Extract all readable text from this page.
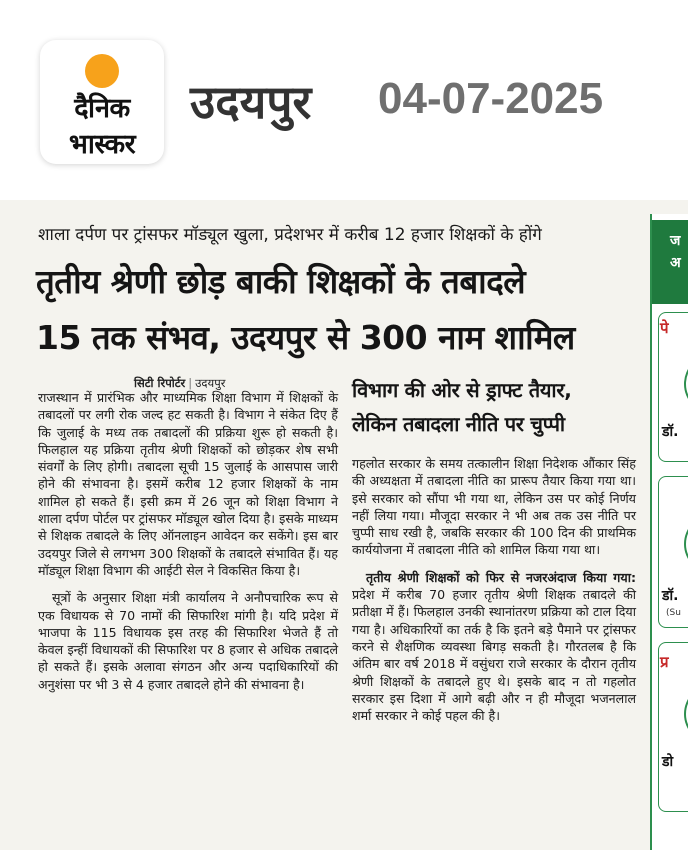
दैनिक
भास्कर
उदयपुर 04-07-2025
ज
अ
पे
डॉ.
डॉ.
(Su
प्र
डो
शाला दर्पण पर ट्रांसफर मॉड्यूल खुला, प्रदेशभर में करीब 12 हजार शिक्षकों के होंगे
तृतीय श्रेणी छोड़ बाकी शिक्षकों के तबादले
15 तक संभव, उदयपुर से 300 नाम शामिल
सिटी रिपोर्टर | उदयपुर	विभाग की ओर से ड्राफ्ट तैयार,
लेकिन तबादला नीति पर चुप्पी

राजस्थान में प्रारंभिक और माध्यमिक शिक्षा विभाग में शिक्षकों के तबादलों पर लगी रोक जल्द हट सकती है। विभाग ने संकेत दिए हैं कि जुलाई के मध्य तक तबादलों की प्रक्रिया शुरू हो सकती है। फिलहाल यह प्रक्रिया तृतीय श्रेणी शिक्षकों को छोड़कर शेष सभी संवर्गों के लिए होगी। तबादला सूची 15 जुलाई के आसपास जारी होने की संभावना है। इसमें करीब 12 हजार शिक्षकों के नाम शामिल हो सकते हैं। इसी क्रम में 26 जून को शिक्षा विभाग ने शाला दर्पण पोर्टल पर ट्रांसफर मॉड्यूल खोल दिया है। इसके माध्यम से शिक्षक तबादले के लिए ऑनलाइन आवेदन कर सकेंगे। इस बार उदयपुर जिले से लगभग 300 शिक्षकों के तबादले संभावित हैं। यह मॉड्यूल शिक्षा विभाग की आईटी सेल ने विकसित किया है।

सूत्रों के अनुसार शिक्षा मंत्री कार्यालय ने अनौपचारिक रूप से एक विधायक से 70 नामों की सिफारिश मांगी है। यदि प्रदेश में भाजपा के 115 विधायक इस तरह की सिफारिश भेजते हैं तो केवल इन्हीं विधायकों की सिफारिश पर 8 हजार से अधिक तबादले हो सकते हैं। इसके अलावा संगठन और अन्य पदाधिकारियों की अनुशंसा पर भी 3 से 4 हजार तबादले होने की संभावना है।

गहलोत सरकार के समय तत्कालीन शिक्षा निदेशक औंकार सिंह की अध्यक्षता में तबादला नीति का प्रारूप तैयार किया गया था। इसे सरकार को सौंपा भी गया था, लेकिन उस पर कोई निर्णय नहीं लिया गया। मौजूदा सरकार ने भी अब तक उस नीति पर चुप्पी साध रखी है, जबकि सरकार की 100 दिन की प्राथमिक कार्ययोजना में तबादला नीति को शामिल किया गया था।

तृतीय श्रेणी शिक्षकों को फिर से नजरअंदाज किया गया: प्रदेश में करीब 70 हजार तृतीय श्रेणी शिक्षक तबादले की प्रतीक्षा में हैं। फिलहाल उनकी स्थानांतरण प्रक्रिया को टाल दिया गया है। अधिकारियों का तर्क है कि इतने बड़े पैमाने पर ट्रांसफर करने से शैक्षणिक व्यवस्था बिगड़ सकती है। गौरतलब है कि अंतिम बार वर्ष 2018 में वसुंधरा राजे सरकार के दौरान तृतीय श्रेणी शिक्षकों के तबादले हुए थे। इसके बाद न तो गहलोत सरकार इस दिशा में आगे बढ़ी और न ही मौजूदा भजनलाल शर्मा सरकार ने कोई पहल की है।
